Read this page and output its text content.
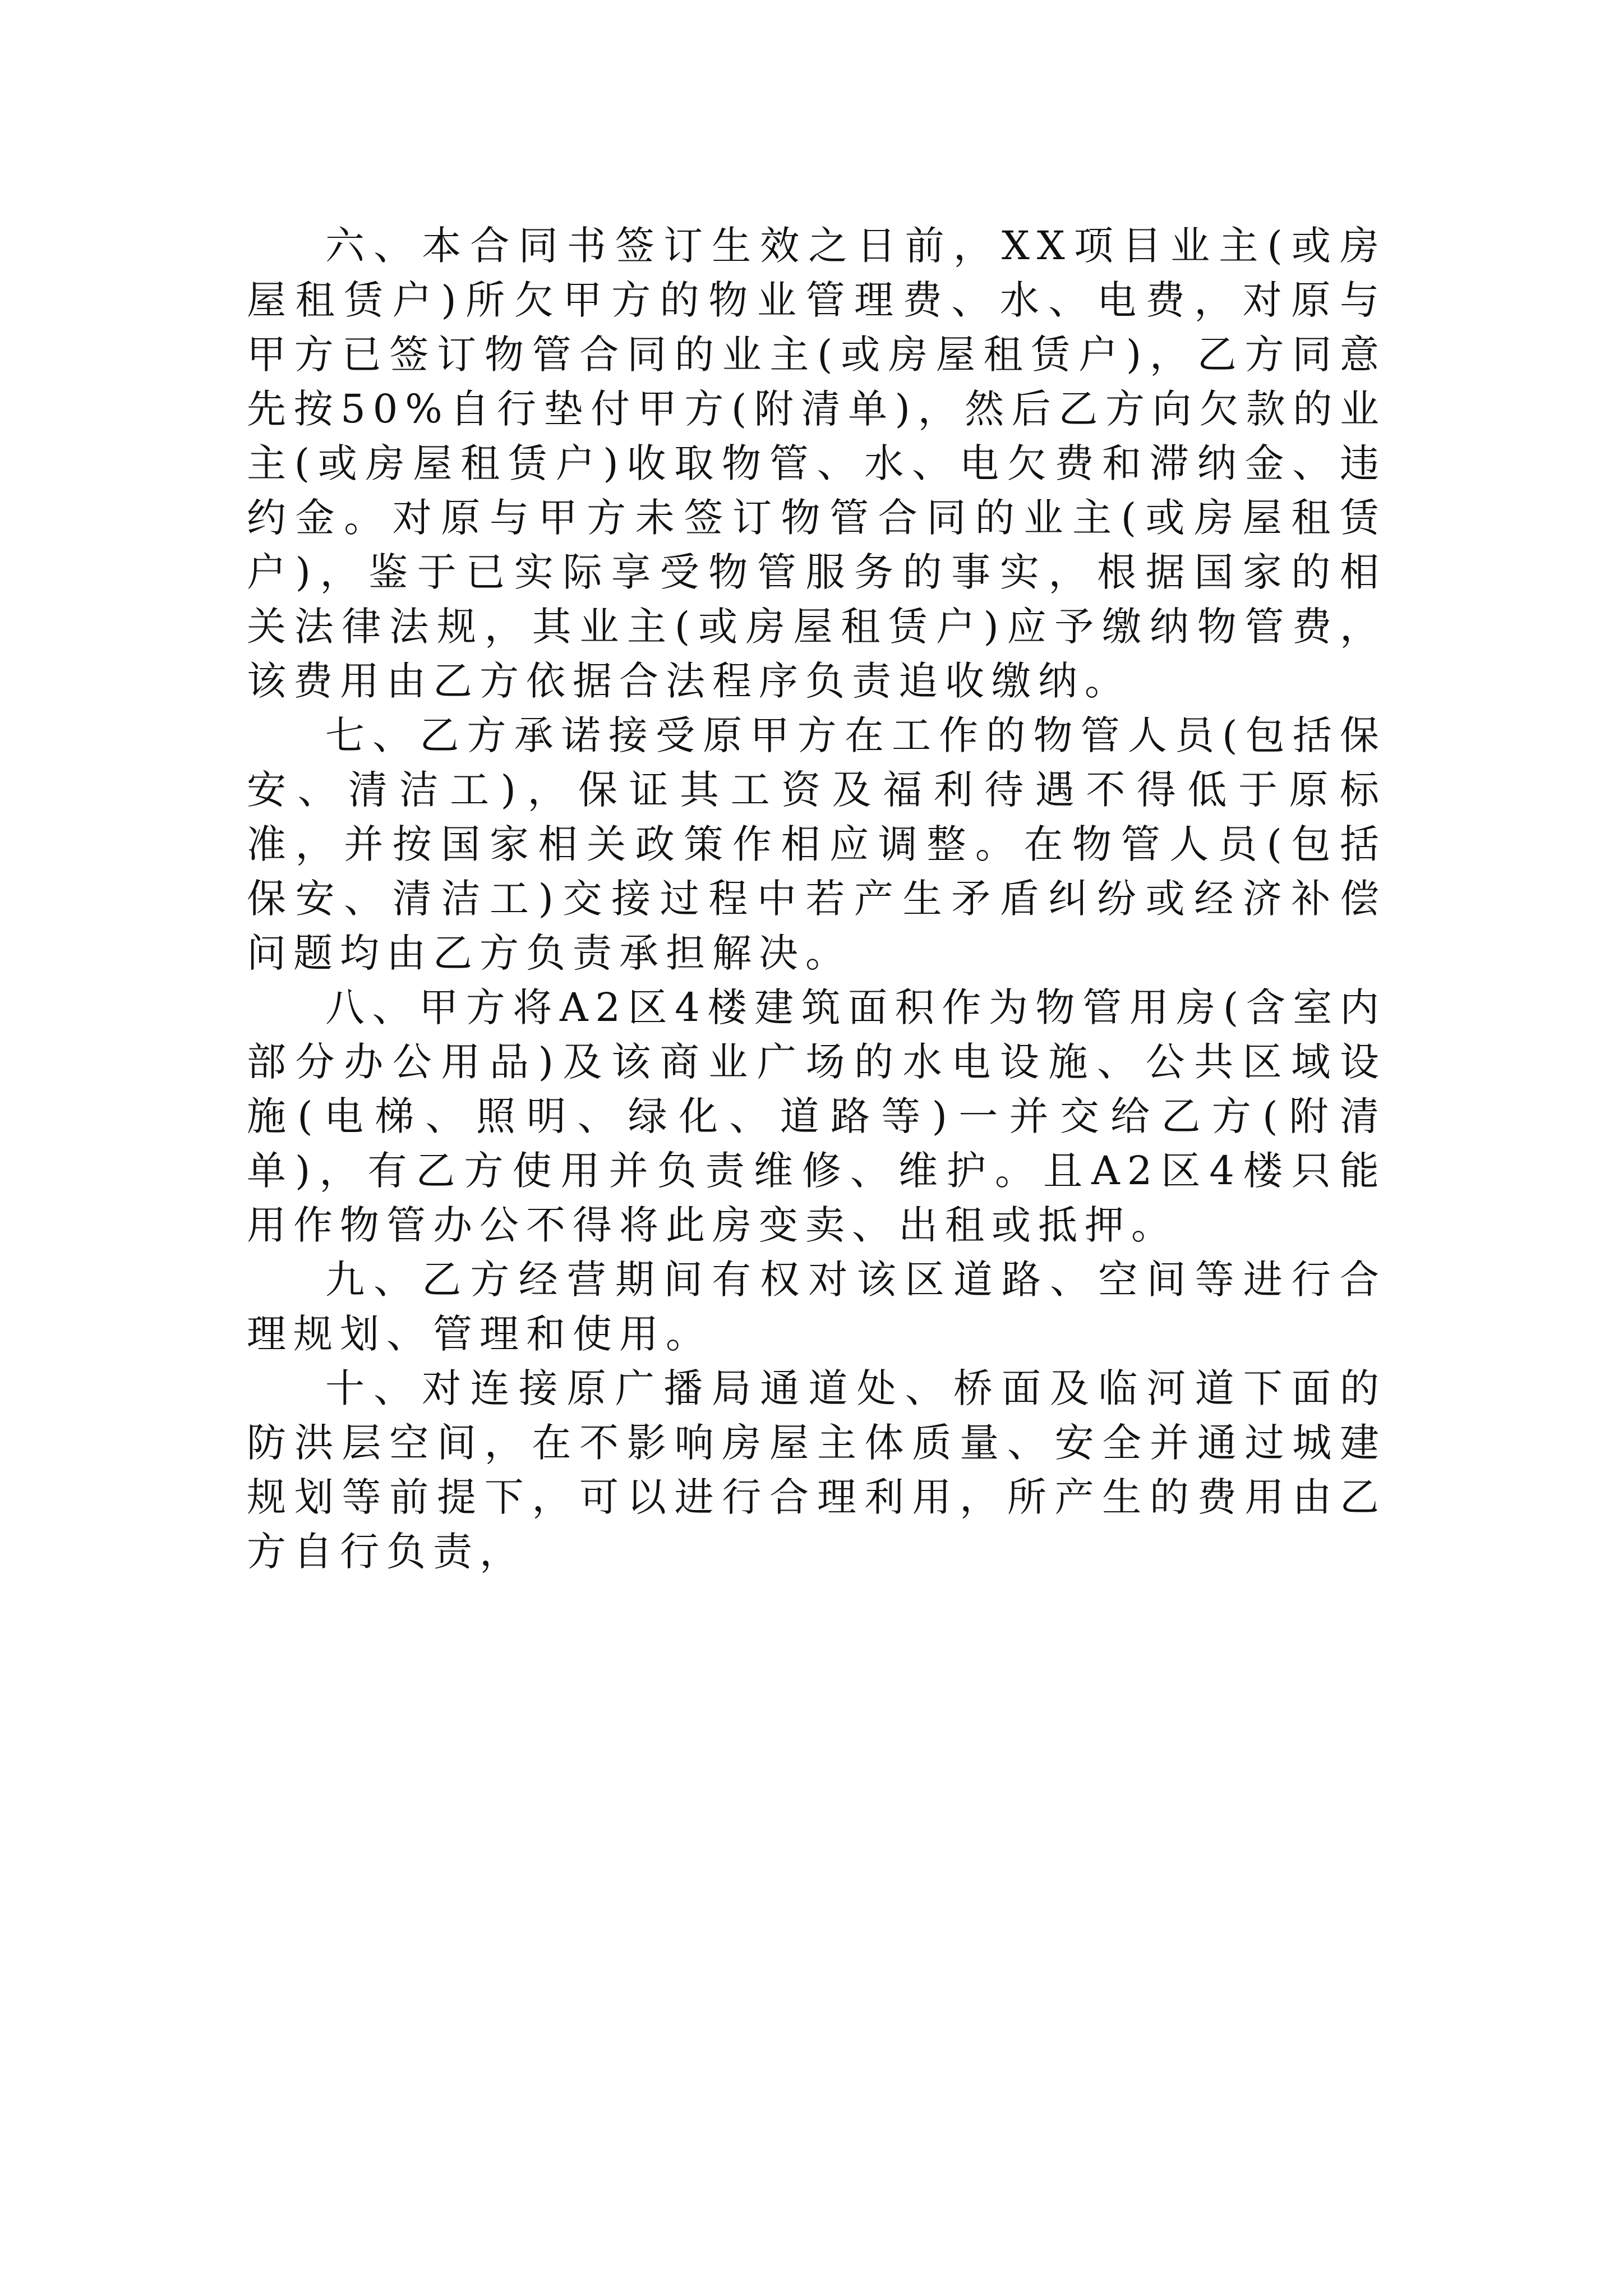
六、本合同书签订生效之日前，XX项目业主(或房屋租赁户)所欠甲方的物业管理费、水、电费，对原与甲方已签订物管合同的业主(或房屋租赁户)，乙方同意先按50%自行垫付甲方(附清单)，然后乙方向欠款的业主(或房屋租赁户)收取物管、水、电欠费和滞纳金、违约金。对原与甲方未签订物管合同的业主(或房屋租赁户)，鉴于已实际享受物管服务的事实，根据国家的相关法律法规，其业主(或房屋租赁户)应予缴纳物管费，该费用由乙方依据合法程序负责追收缴纳。

七、乙方承诺接受原甲方在工作的物管人员(包括保安、清洁工)，保证其工资及福利待遇不得低于原标准，并按国家相关政策作相应调整。在物管人员(包括保安、清洁工)交接过程中若产生矛盾纠纷或经济补偿问题均由乙方负责承担解决。

八、甲方将A2区4楼建筑面积作为物管用房(含室内部分办公用品)及该商业广场的水电设施、公共区域设施(电梯、照明、绿化、道路等)一并交给乙方(附清单)，有乙方使用并负责维修、维护。且A2区4楼只能用作物管办公不得将此房变卖、出租或抵押。

九、乙方经营期间有权对该区道路、空间等进行合理规划、管理和使用。

十、对连接原广播局通道处、桥面及临河道下面的防洪层空间，在不影响房屋主体质量、安全并通过城建规划等前提下，可以进行合理利用，所产生的费用由乙方自行负责，
